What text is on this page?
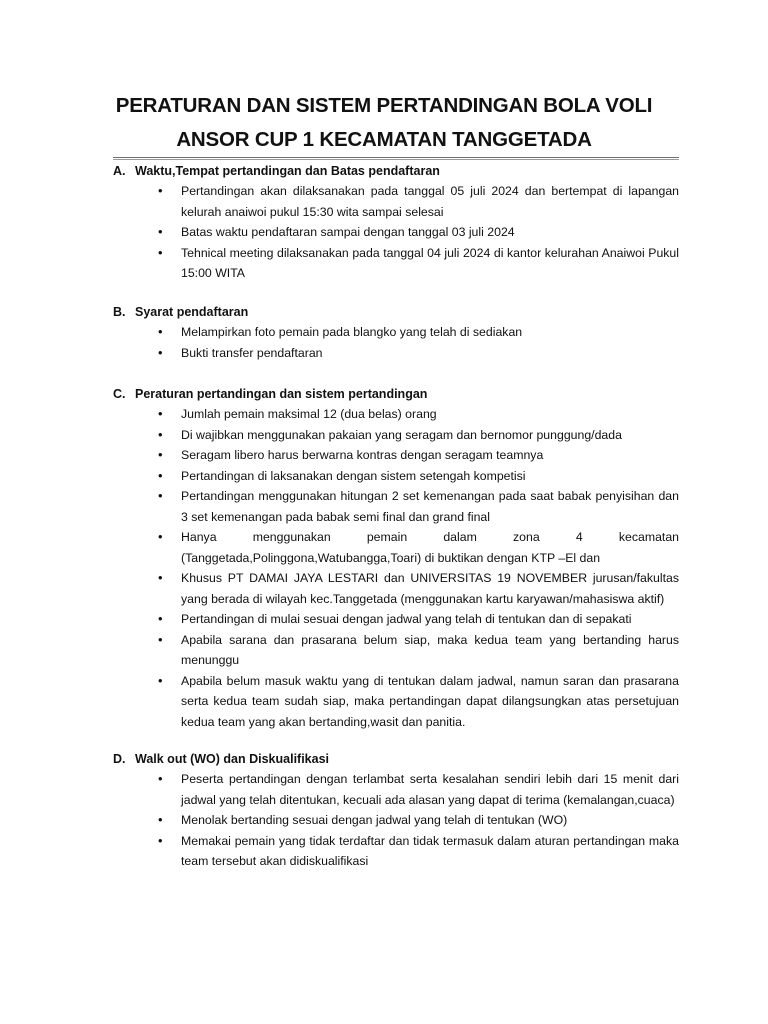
PERATURAN DAN SISTEM PERTANDINGAN BOLA VOLI
ANSOR CUP 1 KECAMATAN TANGGETADA
A. Waktu,Tempat pertandingan dan Batas pendaftaran
• Pertandingan akan dilaksanakan pada tanggal 05 juli 2024 dan bertempat di lapangan kelurah anaiwoi pukul 15:30 wita sampai selesai
• Batas waktu pendaftaran sampai dengan tanggal 03 juli 2024
• Tehnical meeting dilaksanakan pada tanggal 04 juli 2024 di kantor kelurahan Anaiwoi Pukul 15:00 WITA
B. Syarat pendaftaran
• Melampirkan foto pemain pada blangko yang telah di sediakan
• Bukti transfer pendaftaran
C. Peraturan pertandingan dan sistem pertandingan
• Jumlah pemain maksimal 12 (dua belas) orang
• Di wajibkan menggunakan pakaian yang seragam dan bernomor punggung/dada
• Seragam libero harus berwarna kontras dengan seragam teamnya
• Pertandingan di laksanakan dengan sistem setengah kompetisi
• Pertandingan menggunakan hitungan 2 set kemenangan pada saat babak penyisihan dan 3 set kemenangan pada babak semi final dan grand final
• Hanya menggunakan pemain dalam zona 4 kecamatan (Tanggetada,Polinggona,Watubangga,Toari) di buktikan dengan KTP –El dan
• Khusus PT DAMAI JAYA LESTARI dan UNIVERSITAS 19 NOVEMBER jurusan/fakultas yang berada di wilayah kec.Tanggetada (menggunakan kartu karyawan/mahasiswa aktif)
• Pertandingan di mulai sesuai dengan jadwal yang telah di tentukan dan di sepakati
• Apabila sarana dan prasarana belum siap, maka kedua team yang bertanding harus menunggu
• Apabila belum masuk waktu yang di tentukan dalam jadwal, namun saran dan prasarana serta kedua team sudah siap, maka pertandingan dapat dilangsungkan atas persetujuan kedua team yang akan bertanding,wasit dan panitia.
D. Walk out (WO) dan Diskualifikasi
• Peserta pertandingan dengan terlambat serta kesalahan sendiri lebih dari 15 menit dari jadwal yang telah ditentukan, kecuali ada alasan yang dapat di terima (kemalangan,cuaca)
• Menolak bertanding sesuai dengan jadwal yang telah di tentukan (WO)
• Memakai pemain yang tidak terdaftar dan tidak termasuk dalam aturan pertandingan maka team tersebut akan didiskualifikasi
